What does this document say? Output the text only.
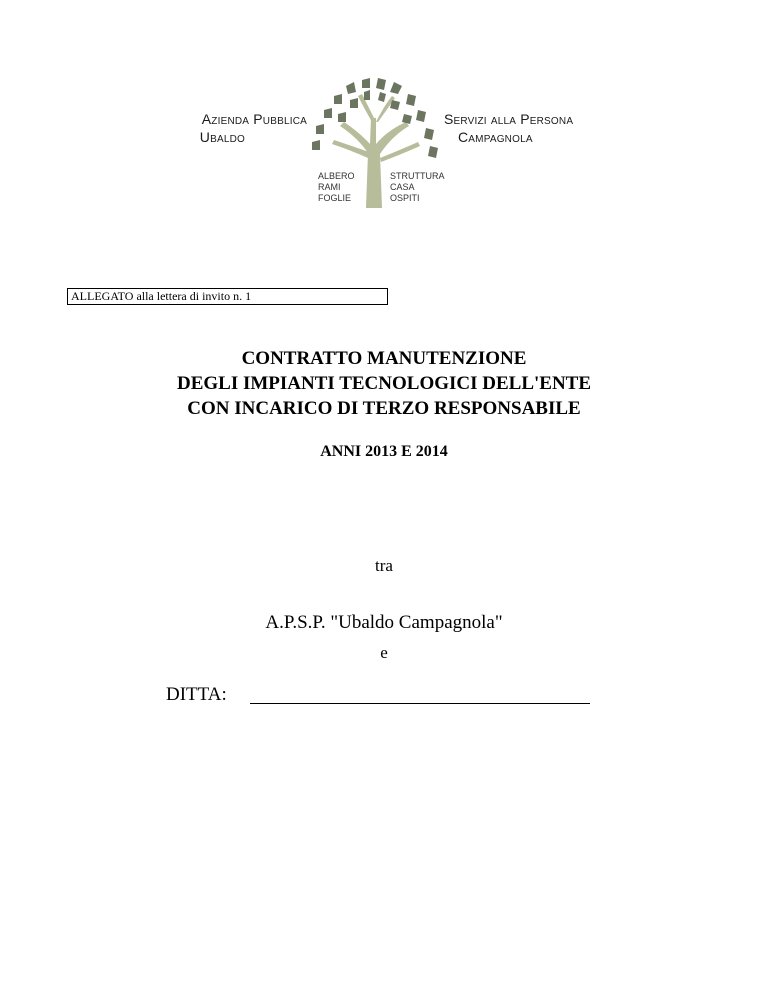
Azienda Pubblica
Ubaldo
ALBERO
RAMI
FOGLIE
STRUTTURA
CASA
OSPITI
Servizi alla Persona
Campagnola
ALLEGATO alla lettera di invito n. 1
CONTRATTO MANUTENZIONE
DEGLI IMPIANTI TECNOLOGICI DELL'ENTE
CON INCARICO DI TERZO RESPONSABILE
ANNI 2013 E 2014
tra
A.P.S.P. "Ubaldo Campagnola"
e
DITTA:
